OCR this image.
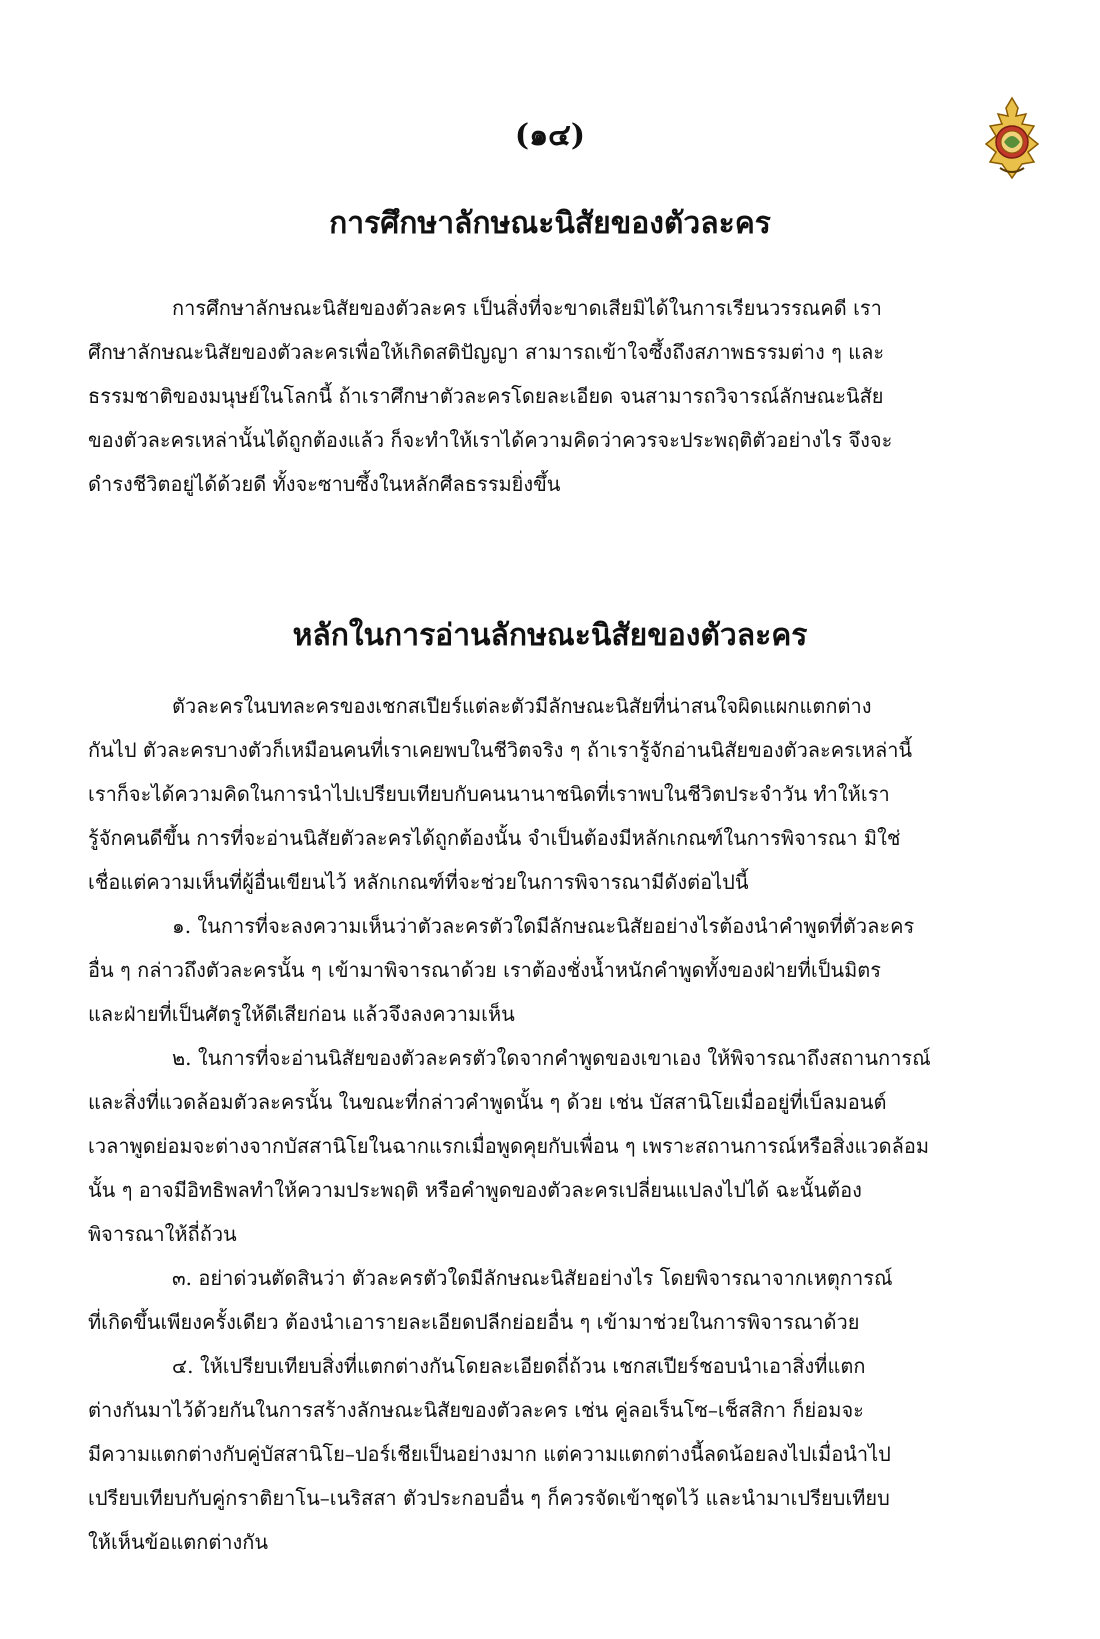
(๑๔)
การศึกษาลักษณะนิสัยของตัวละคร
การศึกษาลักษณะนิสัยของตัวละคร เป็นสิ่งที่จะขาดเสียมิได้ในการเรียนวรรณคดี เรา
ศึกษาลักษณะนิสัยของตัวละครเพื่อให้เกิดสติปัญญา สามารถเข้าใจซึ้งถึงสภาพธรรมต่าง ๆ และ
ธรรมชาติของมนุษย์ในโลกนี้ ถ้าเราศึกษาตัวละครโดยละเอียด จนสามารถวิจารณ์ลักษณะนิสัย
ของตัวละครเหล่านั้นได้ถูกต้องแล้ว ก็จะทำให้เราได้ความคิดว่าควรจะประพฤติตัวอย่างไร จึงจะ
ดำรงชีวิตอยู่ได้ด้วยดี ทั้งจะซาบซึ้งในหลักศีลธรรมยิ่งขึ้น
หลักในการอ่านลักษณะนิสัยของตัวละคร
ตัวละครในบทละครของเชกสเปียร์แต่ละตัวมีลักษณะนิสัยที่น่าสนใจผิดแผกแตกต่าง
กันไป ตัวละครบางตัวก็เหมือนคนที่เราเคยพบในชีวิตจริง ๆ ถ้าเรารู้จักอ่านนิสัยของตัวละครเหล่านี้
เราก็จะได้ความคิดในการนำไปเปรียบเทียบกับคนนานาชนิดที่เราพบในชีวิตประจำวัน ทำให้เรา
รู้จักคนดีขึ้น การที่จะอ่านนิสัยตัวละครได้ถูกต้องนั้น จำเป็นต้องมีหลักเกณฑ์ในการพิจารณา มิใช่
เชื่อแต่ความเห็นที่ผู้อื่นเขียนไว้ หลักเกณฑ์ที่จะช่วยในการพิจารณามีดังต่อไปนี้
๑. ในการที่จะลงความเห็นว่าตัวละครตัวใดมีลักษณะนิสัยอย่างไรต้องนำคำพูดที่ตัวละคร
อื่น ๆ กล่าวถึงตัวละครนั้น ๆ เข้ามาพิจารณาด้วย เราต้องชั่งน้ำหนักคำพูดทั้งของฝ่ายที่เป็นมิตร
และฝ่ายที่เป็นศัตรูให้ดีเสียก่อน แล้วจึงลงความเห็น
๒. ในการที่จะอ่านนิสัยของตัวละครตัวใดจากคำพูดของเขาเอง ให้พิจารณาถึงสถานการณ์
และสิ่งที่แวดล้อมตัวละครนั้น ในขณะที่กล่าวคำพูดนั้น ๆ ด้วย เช่น บัสสานิโยเมื่ออยู่ที่เบ็ลมอนต์
เวลาพูดย่อมจะต่างจากบัสสานิโยในฉากแรกเมื่อพูดคุยกับเพื่อน ๆ เพราะสถานการณ์หรือสิ่งแวดล้อม
นั้น ๆ อาจมีอิทธิพลทำให้ความประพฤติ หรือคำพูดของตัวละครเปลี่ยนแปลงไปได้ ฉะนั้นต้อง
พิจารณาให้ถี่ถ้วน
๓. อย่าด่วนตัดสินว่า ตัวละครตัวใดมีลักษณะนิสัยอย่างไร โดยพิจารณาจากเหตุการณ์
ที่เกิดขึ้นเพียงครั้งเดียว ต้องนำเอารายละเอียดปลีกย่อยอื่น ๆ เข้ามาช่วยในการพิจารณาด้วย
๔. ให้เปรียบเทียบสิ่งที่แตกต่างกันโดยละเอียดถี่ถ้วน เชกสเปียร์ชอบนำเอาสิ่งที่แตก
ต่างกันมาไว้ด้วยกันในการสร้างลักษณะนิสัยของตัวละคร เช่น คู่ลอเร็นโซ–เช็สสิกา ก็ย่อมจะ
มีความแตกต่างกับคู่บัสสานิโย–ปอร์เชียเป็นอย่างมาก แต่ความแตกต่างนี้ลดน้อยลงไปเมื่อนำไป
เปรียบเทียบกับคู่กราติยาโน–เนริสสา ตัวประกอบอื่น ๆ ก็ควรจัดเข้าชุดไว้ และนำมาเปรียบเทียบ
ให้เห็นข้อแตกต่างกัน
